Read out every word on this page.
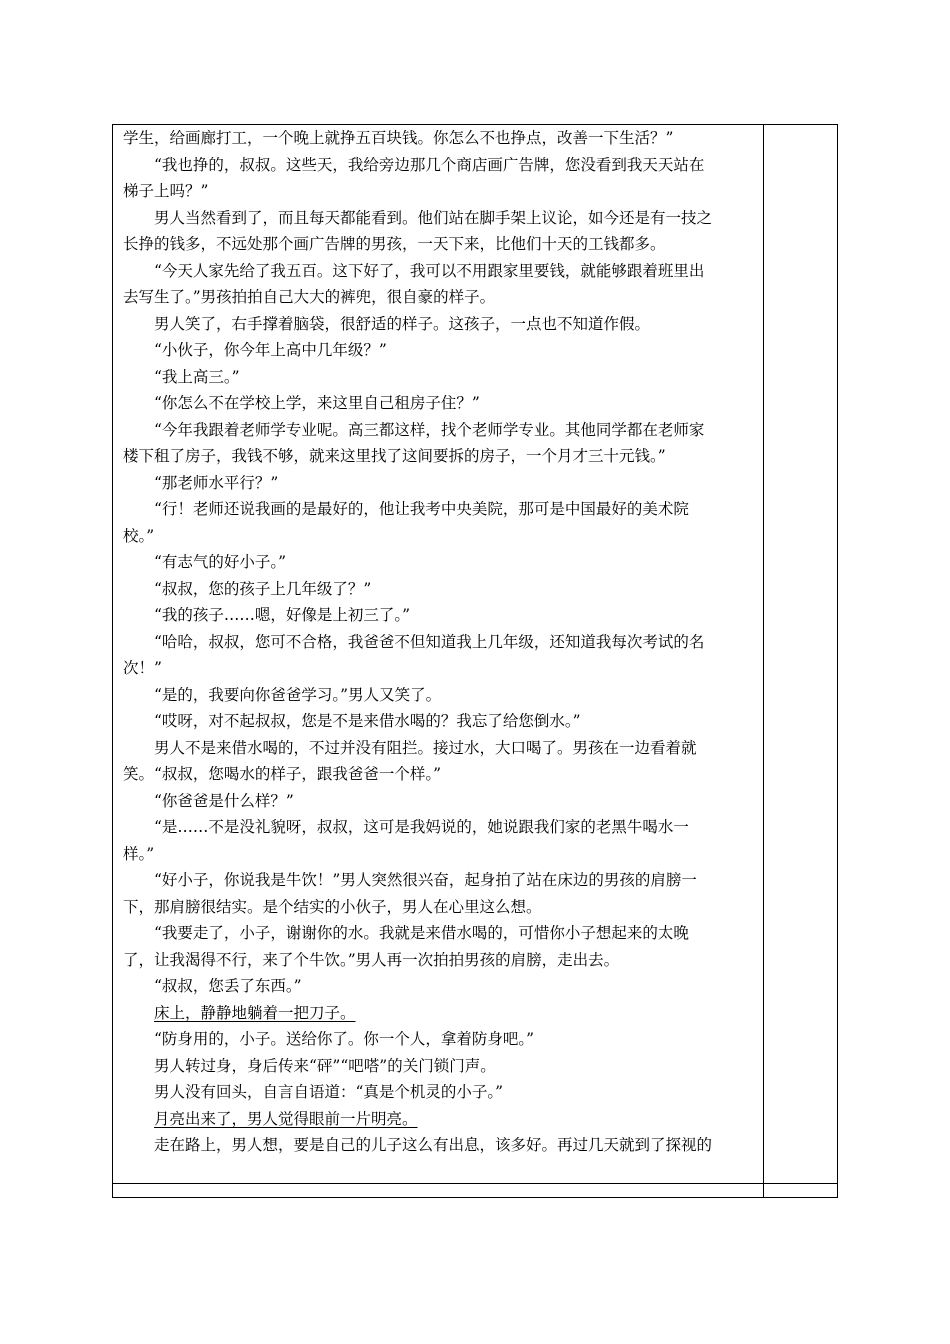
学生，给画廊打工，一个晚上就挣五百块钱。你怎么不也挣点，改善一下生活？”
“我也挣的，叔叔。这些天，我给旁边那几个商店画广告牌，您没看到我天天站在
梯子上吗？”
男人当然看到了，而且每天都能看到。他们站在脚手架上议论，如今还是有一技之
长挣的钱多，不远处那个画广告牌的男孩，一天下来，比他们十天的工钱都多。
“今天人家先给了我五百。这下好了，我可以不用跟家里要钱，就能够跟着班里出
去写生了。”男孩拍拍自己大大的裤兜，很自豪的样子。
男人笑了，右手撑着脑袋，很舒适的样子。这孩子，一点也不知道作假。
“小伙子，你今年上高中几年级？”
“我上高三。”
“你怎么不在学校上学，来这里自己租房子住？”
“今年我跟着老师学专业呢。高三都这样，找个老师学专业。其他同学都在老师家
楼下租了房子，我钱不够，就来这里找了这间要拆的房子，一个月才三十元钱。”
“那老师水平行？”
“行！老师还说我画的是最好的，他让我考中央美院，那可是中国最好的美术院
校。”
“有志气的好小子。”
“叔叔，您的孩子上几年级了？”
“我的孩子……嗯，好像是上初三了。”
“哈哈，叔叔，您可不合格，我爸爸不但知道我上几年级，还知道我每次考试的名
次！”
“是的，我要向你爸爸学习。”男人又笑了。
“哎呀，对不起叔叔，您是不是来借水喝的？我忘了给您倒水。”
男人不是来借水喝的，不过并没有阻拦。接过水，大口喝了。男孩在一边看着就
笑。“叔叔，您喝水的样子，跟我爸爸一个样。”
“你爸爸是什么样？”
“是……不是没礼貌呀，叔叔，这可是我妈说的，她说跟我们家的老黑牛喝水一
样。”
“好小子，你说我是牛饮！”男人突然很兴奋，起身拍了站在床边的男孩的肩膀一
下，那肩膀很结实。是个结实的小伙子，男人在心里这么想。
“我要走了，小子，谢谢你的水。我就是来借水喝的，可惜你小子想起来的太晚
了，让我渴得不行，来了个牛饮。”男人再一次拍拍男孩的肩膀，走出去。
“叔叔，您丢了东西。”
床上，静静地躺着一把刀子。
“防身用的，小子。送给你了。你一个人，拿着防身吧。”
男人转过身，身后传来“砰”“吧嗒”的关门锁门声。
男人没有回头，自言自语道：“真是个机灵的小子。”
月亮出来了，男人觉得眼前一片明亮。
走在路上，男人想，要是自己的儿子这么有出息，该多好。再过几天就到了探视的
